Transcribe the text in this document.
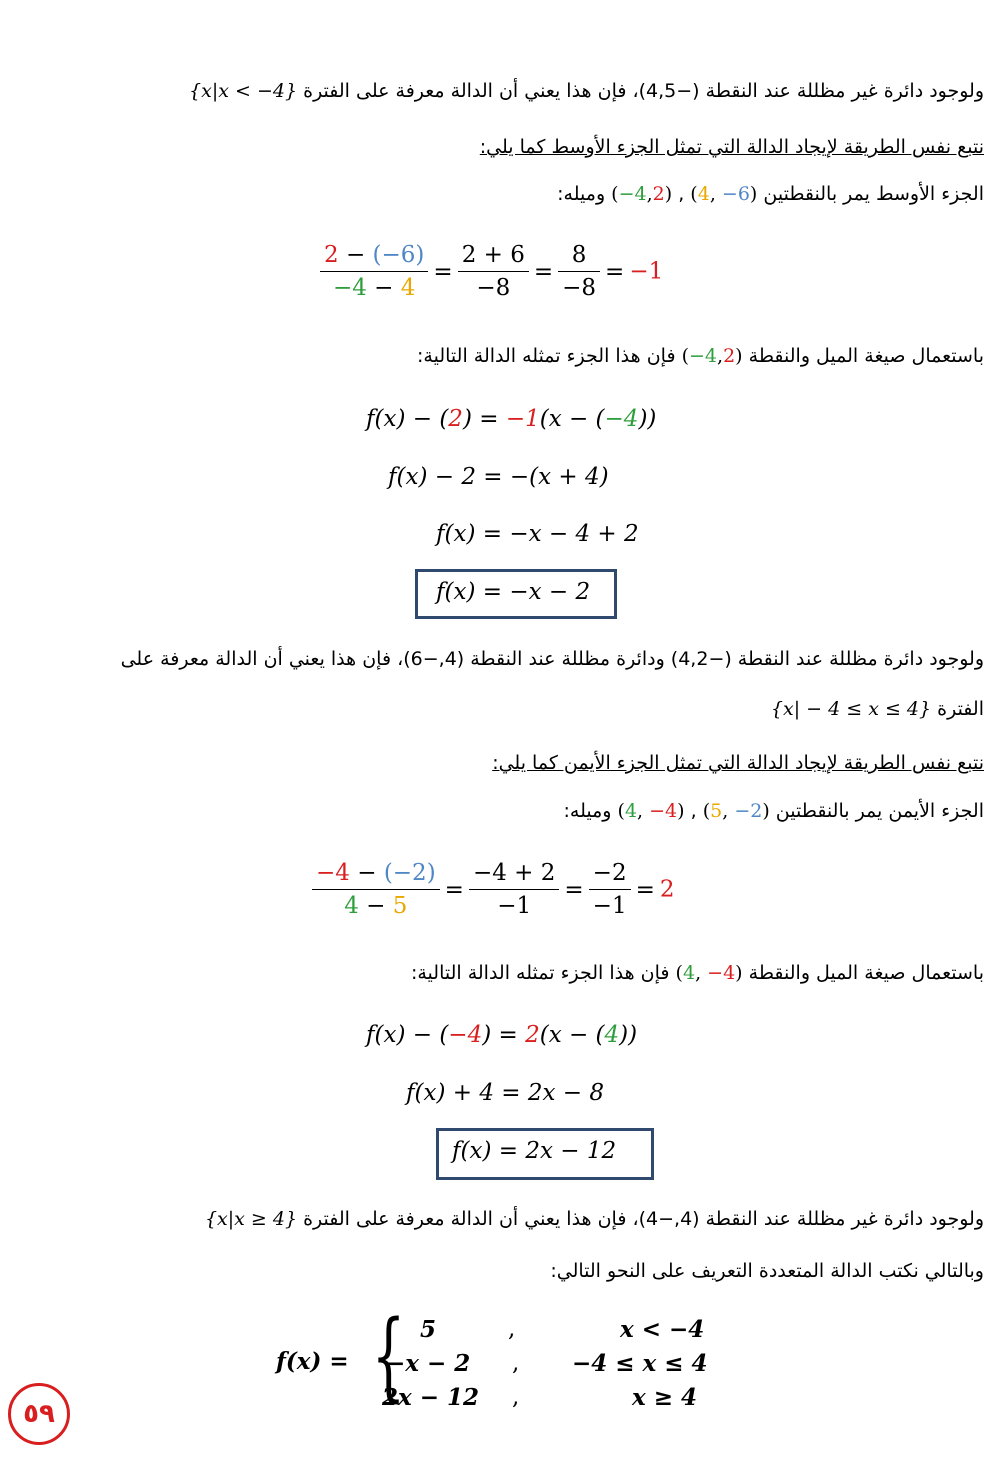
ولوجود دائرة غير مظللة عند النقطة (−4,5)، فإن هذا يعني أن الدالة معرفة على الفترة {x|x < −4}
نتبع نفس الطريقة لإيجاد الدالة التي تمثل الجزء الأوسط كما يلي:
الجزء الأوسط يمر بالنقطتين (−4,2) , (4, −6) وميله:
$\frac{2 - (-6)}{-4 - 4} = \frac{2 + 6}{-8} = \frac{8}{-8} = -1$
باستعمال صيغة الميل والنقطة (−4,2) فإن هذا الجزء تمثله الدالة التالية:
f(x) − (2) = −1(x − (−4))
f(x) − 2 = −(x + 4)
f(x) = −x − 4 + 2
f(x) = −x − 2
ولوجود دائرة مظللة عند النقطة (−4,2) ودائرة مظللة عند النقطة (4,−6)، فإن هذا يعني أن الدالة معرفة على
الفترة {x| − 4 ≤ x ≤ 4}
نتبع نفس الطريقة لإيجاد الدالة التي تمثل الجزء الأيمن كما يلي:
الجزء الأيمن يمر بالنقطتين (4, −4) , (5, −2) وميله:
$\frac{-4 - (-2)}{4 - 5} = \frac{-4 + 2}{-1} = \frac{-2}{-1} = 2$
باستعمال صيغة الميل والنقطة (4, −4) فإن هذا الجزء تمثله الدالة التالية:
f(x) − (−4) = 2(x − (4))
f(x) + 4 = 2x − 8
f(x) = 2x − 12
ولوجود دائرة غير مظللة عند النقطة (4,−4)، فإن هذا يعني أن الدالة معرفة على الفترة {x|x ≥ 4}
وبالتالي نكتب الدالة المتعددة التعريف على النحو التالي:
f(x) = { 5	,	x < −4
−x − 2 , −4 ≤ x ≤ 4
2x − 12 ,	x ≥ 4
٥٩
